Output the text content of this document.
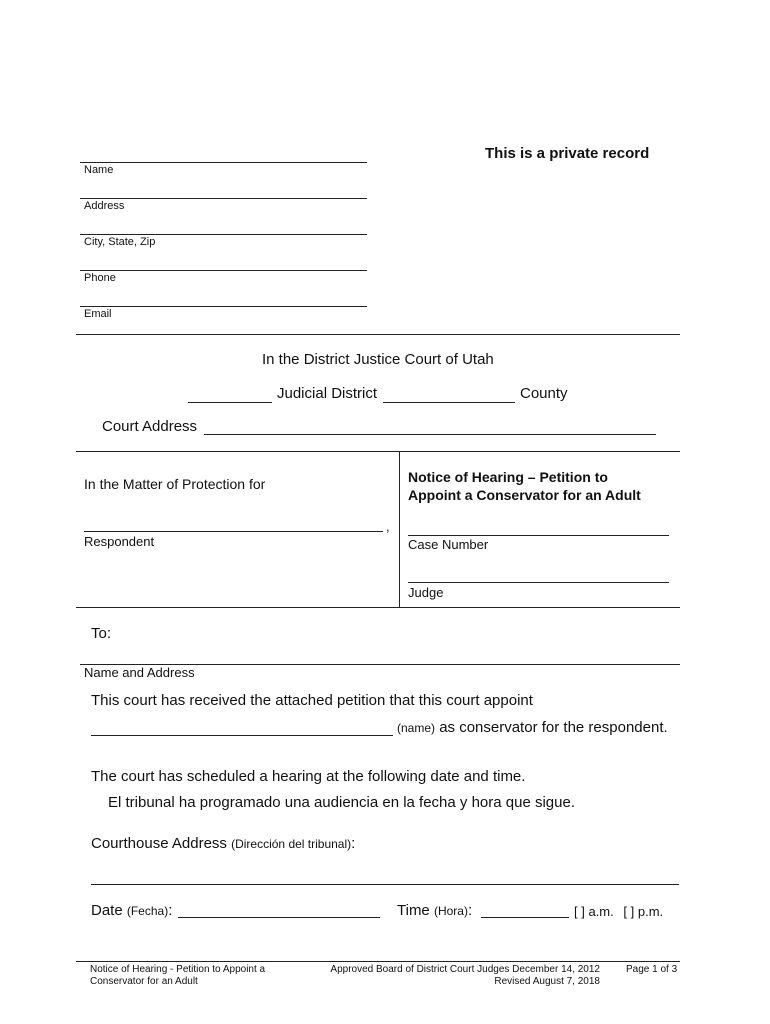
This is a private record
Name
Address
City, State, Zip
Phone
Email
In the District Justice Court of Utah
Judicial District	County
Court Address
In the Matter of Protection for
,
Respondent
Notice of Hearing – Petition to
Appoint a Conservator for an Adult
Case Number
Judge
To:
Name and Address
This court has received the attached petition that this court appoint
(name) as conservator for the respondent.
The court has scheduled a hearing at the following date and time.
El tribunal ha programado una audiencia en la fecha y hora que sigue.
Courthouse Address (Dirección del tribunal):
Date (Fecha):	Time (Hora):	[ ] a.m. [ ] p.m.
Notice of Hearing - Petition to Appoint a
Conservator for an Adult
Approved Board of District Court Judges December 14, 2012
Revised August 7, 2018
Page 1 of 3
